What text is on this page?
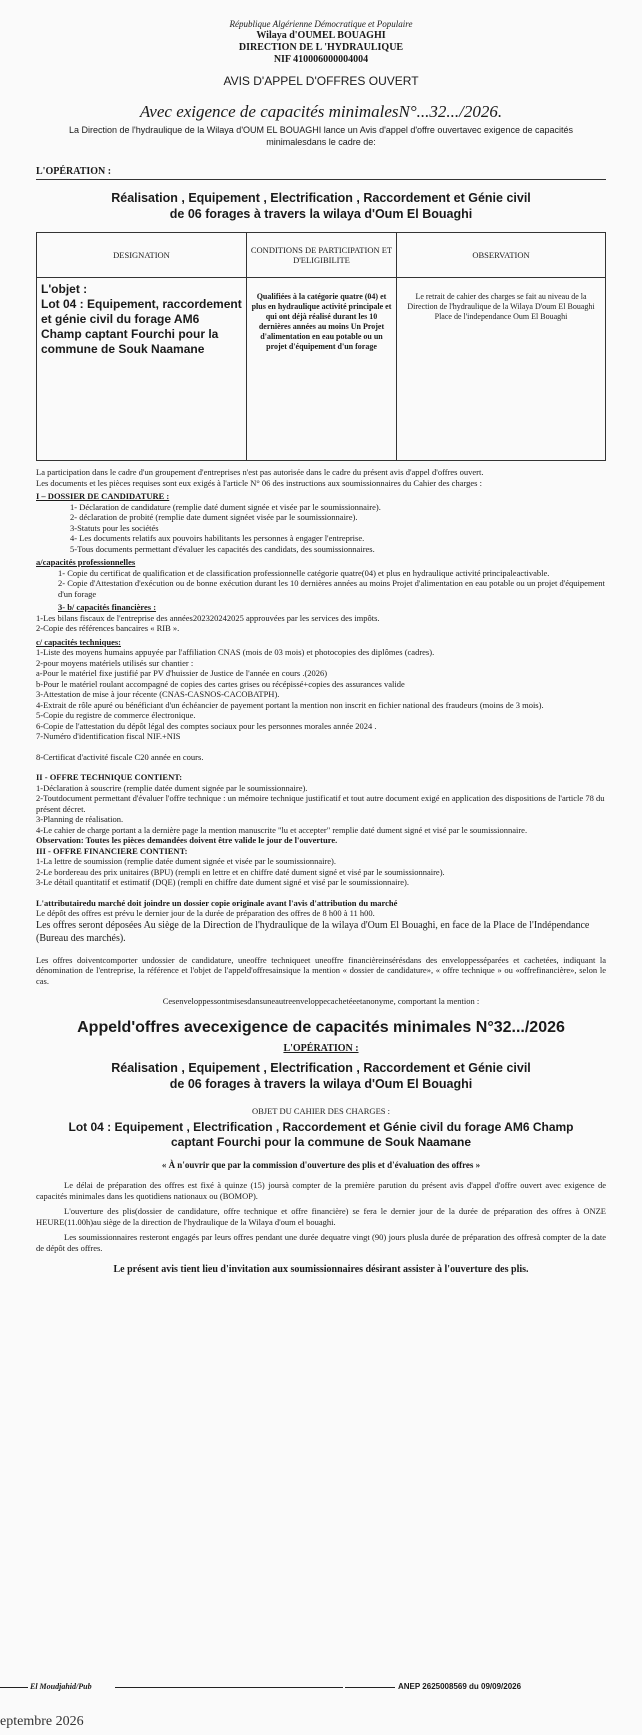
République Algérienne Démocratique et Populaire
Wilaya d'OUMEL BOUAGHI
DIRECTION DE L 'HYDRAULIQUE
NIF 410006000004004
AVIS D'APPEL D'OFFRES OUVERT
Avec exigence de capacités minimalesN°...32.../2026.
La Direction de l'hydraulique de la Wilaya d'OUM EL BOUAGHI lance un Avis d'appel d'offre ouvertavec exigence de capacités minimalesdans le cadre de:
L'OPÉRATION :
Réalisation , Equipement , Electrification , Raccordement et Génie civil
de 06 forages à travers la wilaya d'Oum El Bouaghi
DESIGNATION	CONDITIONS DE PARTICIPATION ET D'ELIGIBILITE	OBSERVATION

L'objet :
Lot 04 : Equipement, raccordement et génie civil du forage AM6 Champ captant Fourchi pour la commune de Souk Naamane	Qualifiées à la catégorie quatre (04) et plus en hydraulique activité principale et qui ont déjà réalisé durant les 10 dernières années au moins Un Projet d'alimentation en eau potable ou un projet d'équipement d'un forage	Le retrait de cahier des charges se fait au niveau de la Direction de l'hydraulique de la Wilaya D'oum El Bouaghi Place de l'independance Oum El Bouaghi

La participation dans le cadre d'un groupement d'entreprises n'est pas autorisée dans le cadre du présent avis d'appel d'offres ouvert.

Les documents et les pièces requises sont eux exigés à l'article N° 06 des instructions aux soumissionnaires du Cahier des charges :

I – DOSSIER DE CANDIDATURE :

1- Déclaration de candidature (remplie daté dument signée et visée par le soumissionnaire).

2- déclaration de probité (remplie date dument signéet visée par le soumissionnaire).

3-Statuts pour les sociétés

4- Les documents relatifs aux pouvoirs habilitants les personnes à engager l'entreprise.

5-Tous documents permettant d'évaluer les capacités des candidats, des soumissionnaires.

a/capacités professionnelles

1- Copie du certificat de qualification et de classification professionnelle catégorie quatre(04) et plus en hydraulique activité principaleactivable.

2- Copie d'Attestation d'exécution ou de bonne exécution durant les 10 dernières années au moins Projet d'alimentation en eau potable ou un projet d'équipement d'un forage

3- b/ capacités financières :

1-Les bilans fiscaux de l'entreprise des années202320242025 approuvées par les services des impôts.

2-Copie des références bancaires « RIB ».

c/ capacités techniques:

1-Liste des moyens humains appuyée par l'affiliation CNAS (mois de 03 mois) et photocopies des diplômes (cadres).

2-pour moyens matériels utilisés sur chantier :

a-Pour le matériel fixe justifié par PV d'huissier de Justice de l'année en cours .(2026)

b-Pour le matériel roulant accompagné de copies des cartes grises ou récépissé+copies des assurances valide

3-Attestation de mise à jour récente (CNAS-CASNOS-CACOBATPH).

4-Extrait de rôle apuré ou bénéficiant d'un échéancier de payement portant la mention non inscrit en fichier national des fraudeurs (moins de 3 mois).

5-Copie du registre de commerce électronique.

6-Copie de l'attestation du dépôt légal des comptes sociaux pour les personnes morales année 2024 .

7-Numéro d'identification fiscal NIF.+NIS

8-Certificat d'activité fiscale C20 année en cours.

II - OFFRE TECHNIQUE CONTIENT:

1-Déclaration à souscrire (remplie datée dument signée par le soumissionnaire).

2-Toutdocument permettant d'évaluer l'offre technique : un mémoire technique justificatif et tout autre document exigé en application des dispositions de l'article 78 du présent décret.

3-Planning de réalisation.

4-Le cahier de charge portant a la dernière page la mention manuscrite "lu et accepter" remplie daté dument signé et visé par le soumissionnaire.

Observation: Toutes les pièces demandées doivent être valide le jour de l'ouverture.

III - OFFRE FINANCIERE CONTIENT:

1-La lettre de soumission (remplie datée dument signée et visée par le soumissionnaire).

2-Le bordereau des prix unitaires (BPU) (rempli en lettre et en chiffre daté dument signé et visé par le soumissionnaire).

3-Le détail quantitatif et estimatif (DQE) (rempli en chiffre date dument signé et visé par le soumissionnaire).

L'attributairedu marché doit joindre un dossier copie originale avant l'avis d'attribution du marché

Le dépôt des offres est prévu le dernier jour de la durée de préparation des offres de 8 h00 à 11 h00.

Les offres seront déposées Au siège de la Direction de l'hydraulique de la wilaya d'Oum El Bouaghi, en face de la Place de l'Indépendance (Bureau des marchés).

Les offres doiventcomporter undossier de candidature, uneoffre techniqueet uneoffre financièreinsérésdans des enveloppesséparées et cachetées, indiquant la dénomination de l'entreprise, la référence et l'objet de l'appeld'offresainsique la mention « dossier de candidature», « offre technique » ou «offrefinancière», selon le cas.

Cesenveloppessontmisesdansuneautreenveloppecachetéeetanonyme, comportant la mention :

Appeld'offres avecexigence de capacités minimales N°32.../2026
L'OPÉRATION :
Réalisation , Equipement , Electrification , Raccordement et Génie civil
de 06 forages à travers la wilaya d'Oum El Bouaghi
OBJET DU CAHIER DES CHARGES :
Lot 04 : Equipement , Electrification , Raccordement et Génie civil du forage AM6 Champ
captant Fourchi pour la commune de Souk Naamane
« À n'ouvrir que par la commission d'ouverture des plis et d'évaluation des offres »
Le délai de préparation des offres est fixé à quinze (15) joursà compter de la première parution du présent avis d'appel d'offre ouvert avec exigence de capacités minimales dans les quotidiens nationaux ou (BOMOP).
L'ouverture des plis(dossier de candidature, offre technique et offre financière) se fera le dernier jour de la durée de préparation des offres à ONZE HEURE(11.00h)au siège de la direction de l'hydraulique de la Wilaya d'oum el bouaghi.
Les soumissionnaires resteront engagés par leurs offres pendant une durée dequatre vingt (90) jours plusla durée de préparation des offresà compter de la date de dépôt des offres.
Le présent avis tient lieu d'invitation aux soumissionnaires désirant assister à l'ouverture des plis.
El Moudjahid/Pub	ANEP 2625008569 du 09/09/2026
eptembre 2026
